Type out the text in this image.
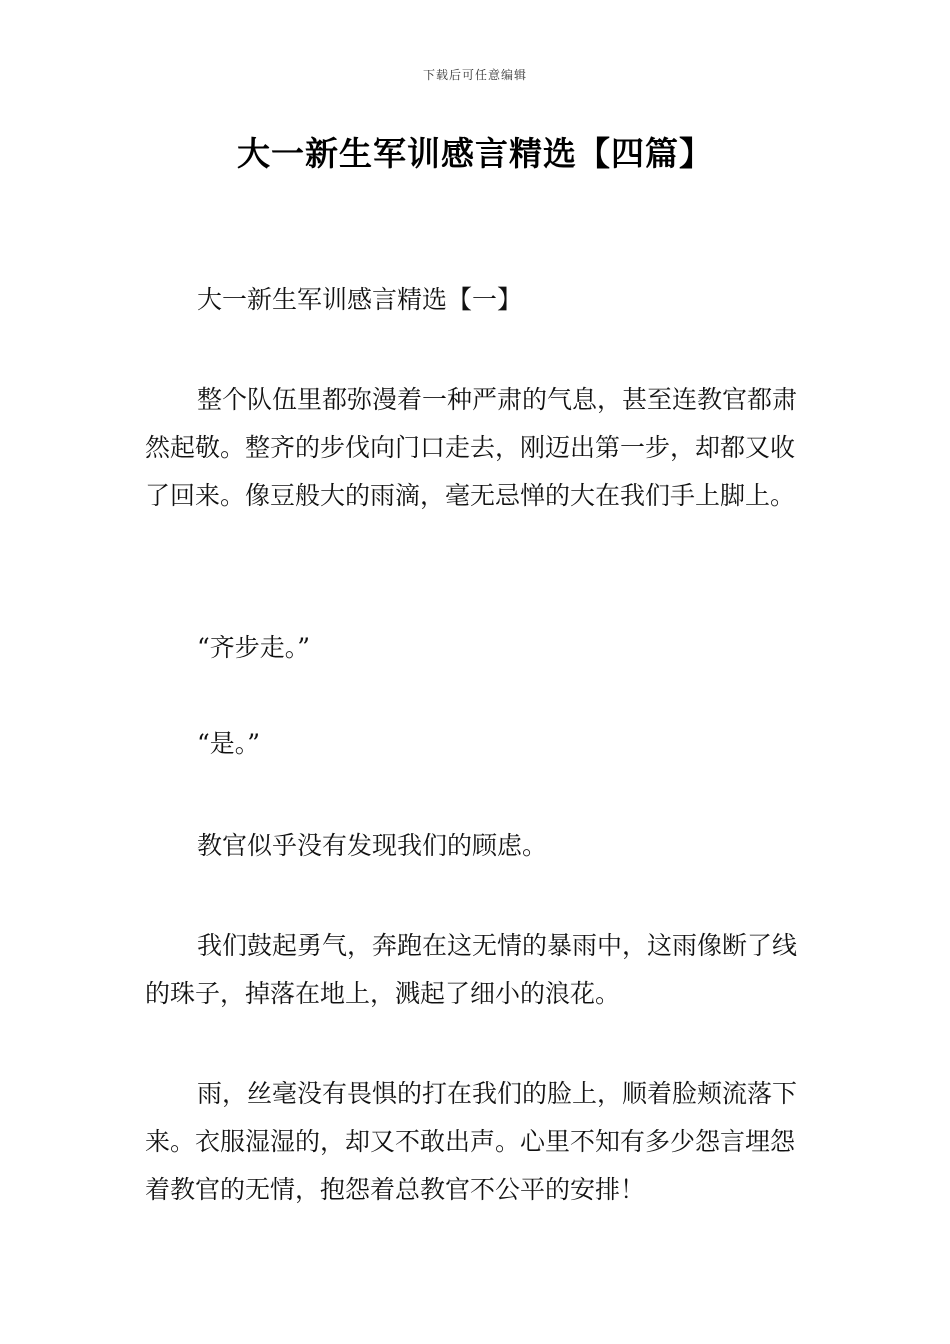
下载后可任意编辑
大一新生军训感言精选【四篇】

大一新生军训感言精选【一】

整个队伍里都弥漫着一种严肃的气息，甚至连教官都肃然起敬。整齐的步伐向门口走去，刚迈出第一步，却都又收了回来。像豆般大的雨滴，毫无忌惮的大在我们手上脚上。

“齐步走。”

“是。”

教官似乎没有发现我们的顾虑。

我们鼓起勇气，奔跑在这无情的暴雨中，这雨像断了线的珠子，掉落在地上，溅起了细小的浪花。

雨，丝毫没有畏惧的打在我们的脸上，顺着脸颊流落下来。衣服湿湿的，却又不敢出声。心里不知有多少怨言埋怨着教官的无情，抱怨着总教官不公平的安排！
